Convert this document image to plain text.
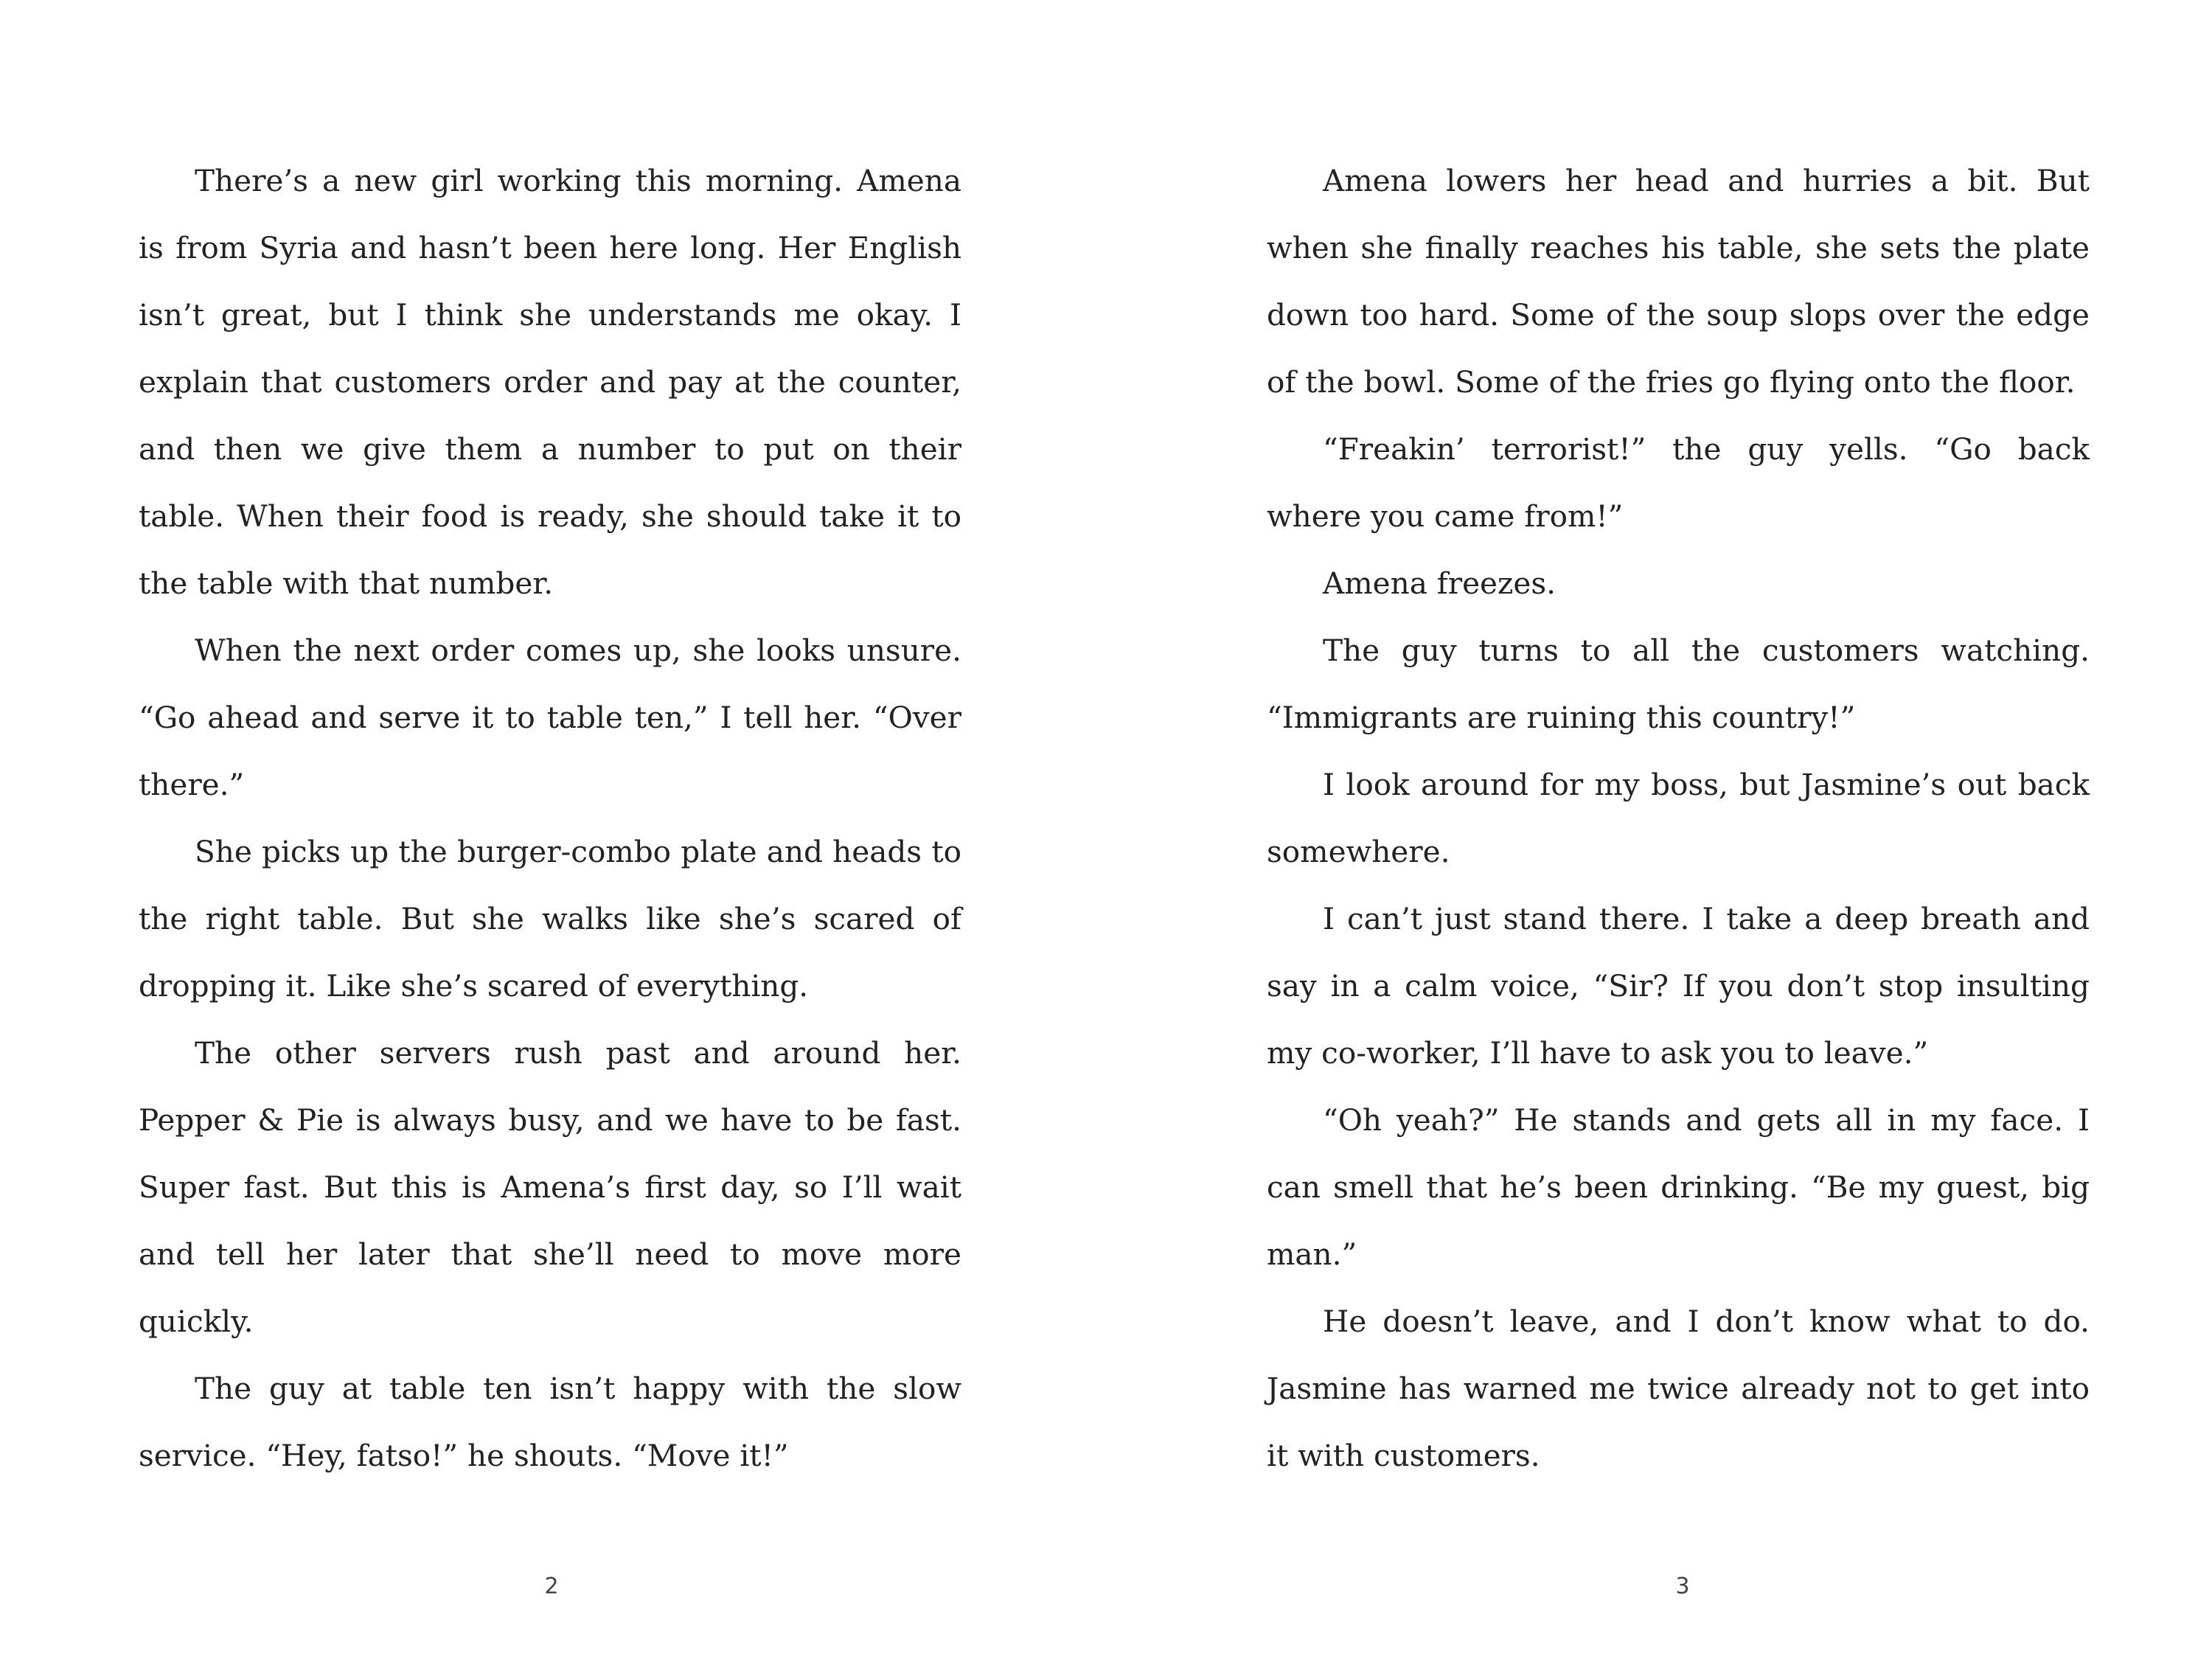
There’s a new girl working this morning. Amena is from Syria and hasn’t been here long. Her English isn’t great, but I think she understands me okay. I explain that customers order and pay at the counter, and then we give them a number to put on their table. When their food is ready, she should take it to the table with that number.

When the next order comes up, she looks unsure. “Go ahead and serve it to table ten,” I tell her. “Over there.”

She picks up the burger-combo plate and heads to the right table. But she walks like she’s scared of dropping it. Like she’s scared of everything.

The other servers rush past and around her. Pepper & Pie is always busy, and we have to be fast. Super fast. But this is Amena’s first day, so I’ll wait and tell her later that she’ll need to move more quickly.

The guy at table ten isn’t happy with the slow service. “Hey, fatso!” he shouts. “Move it!”

2

Amena lowers her head and hurries a bit. But when she finally reaches his table, she sets the plate down too hard. Some of the soup slops over the edge of the bowl. Some of the fries go flying onto the floor.

“Freakin’ terrorist!” the guy yells. “Go back where you came from!”

Amena freezes.

The guy turns to all the customers watching. “Immigrants are ruining this country!”

I look around for my boss, but Jasmine’s out back somewhere.

I can’t just stand there. I take a deep breath and say in a calm voice, “Sir? If you don’t stop insulting my co-worker, I’ll have to ask you to leave.”

“Oh yeah?” He stands and gets all in my face. I can smell that he’s been drinking. “Be my guest, big man.”

He doesn’t leave, and I don’t know what to do. Jasmine has warned me twice already not to get into it with customers.

3
